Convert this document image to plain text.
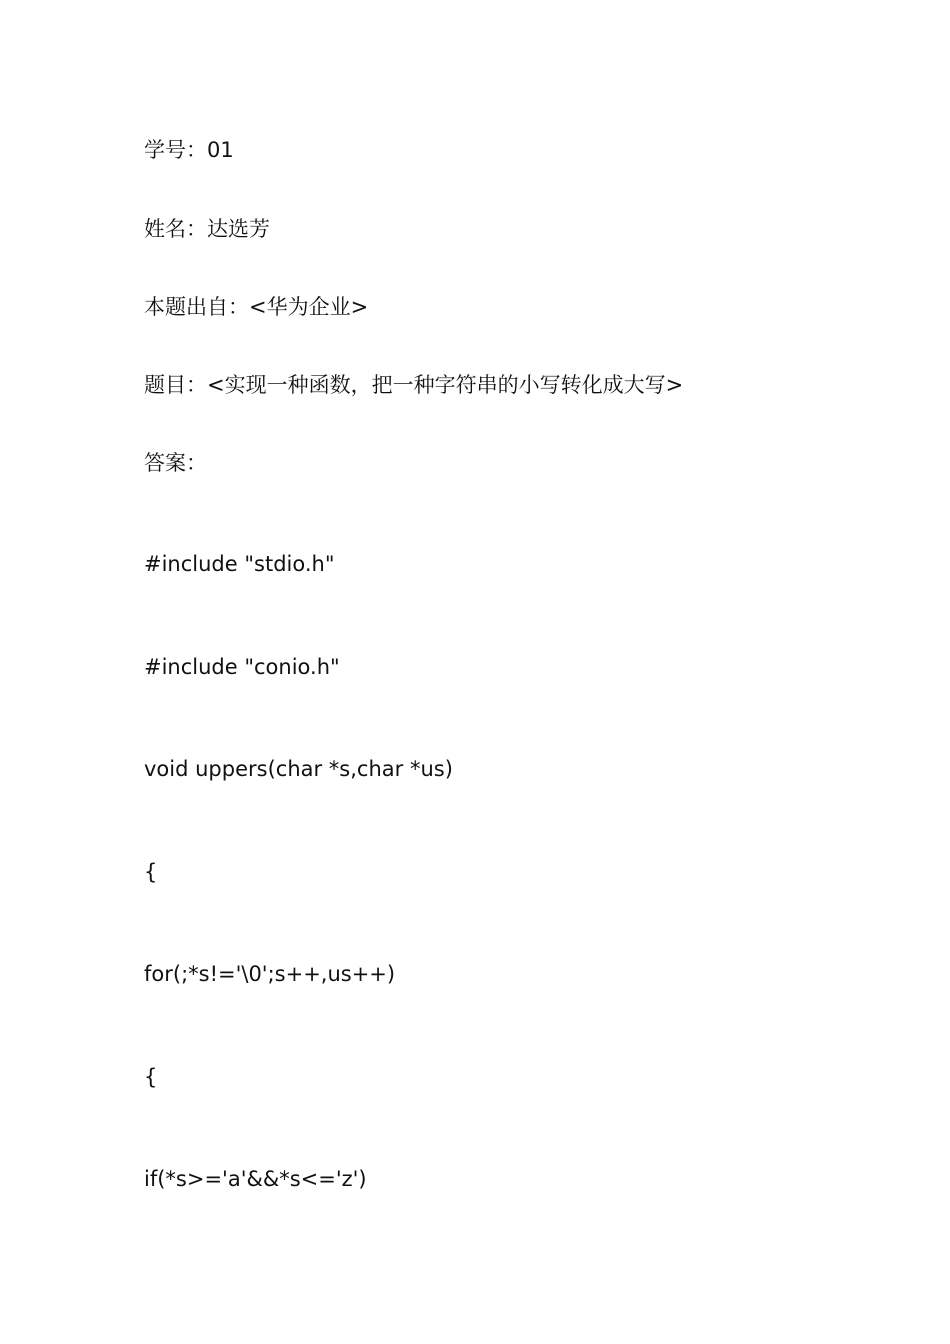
学号：01
姓名：达选芳
本题出自：<华为企业>
题目：<实现一种函数，把一种字符串的小写转化成大写>
答案：
#include "stdio.h"
#include "conio.h"
void uppers(char *s,char *us)
{
for(;*s!='\0';s++,us++)
{
if(*s>='a'&&*s<='z')
